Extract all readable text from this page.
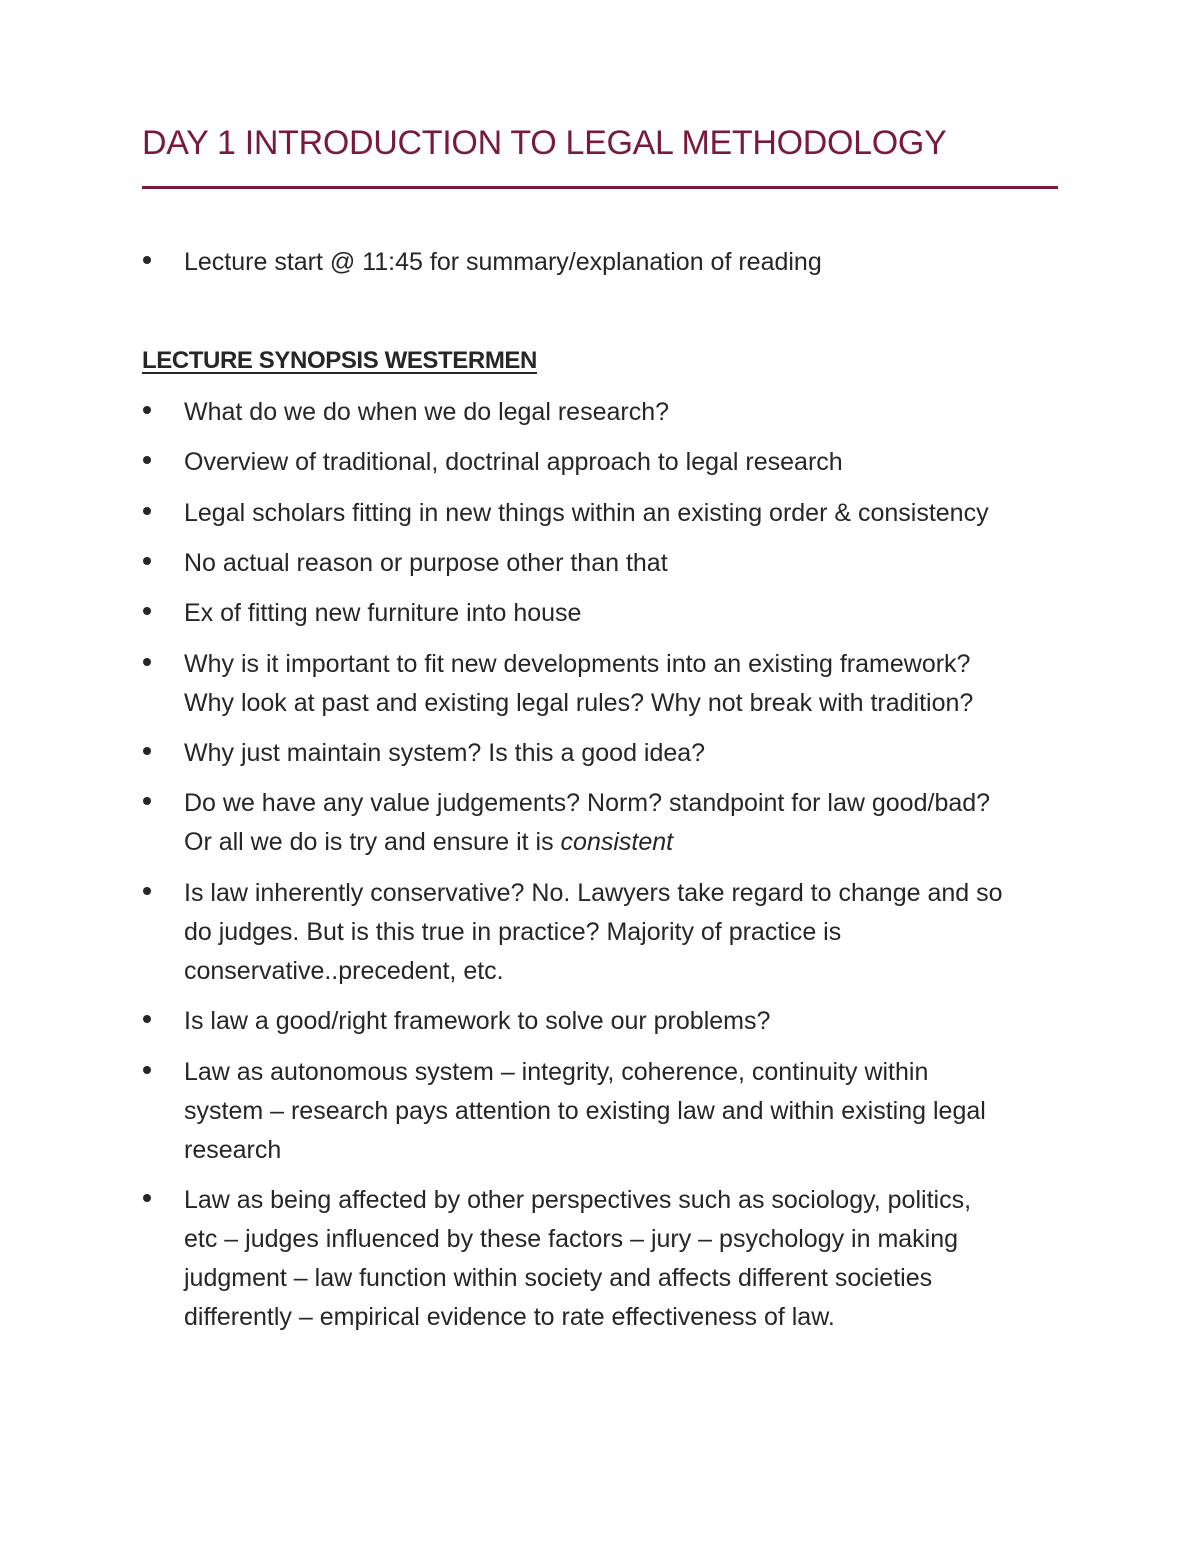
DAY 1 INTRODUCTION TO LEGAL METHODOLOGY
Lecture start @ 11:45 for summary/explanation of reading
LECTURE SYNOPSIS WESTERMEN
What do we do when we do legal research?
Overview of traditional, doctrinal approach to legal research
Legal scholars fitting in new things within an existing order & consistency
No actual reason or purpose other than that
Ex of fitting new furniture into house
Why is it important to fit new developments into an existing framework?
Why look at past and existing legal rules? Why not break with tradition?
Why just maintain system? Is this a good idea?
Do we have any value judgements? Norm? standpoint for law good/bad?
Or all we do is try and ensure it is consistent
Is law inherently conservative? No. Lawyers take regard to change and so
do judges. But is this true in practice? Majority of practice is
conservative..precedent, etc.
Is law a good/right framework to solve our problems?
Law as autonomous system – integrity, coherence, continuity within
system – research pays attention to existing law and within existing legal
research
Law as being affected by other perspectives such as sociology, politics,
etc – judges influenced by these factors – jury – psychology in making
judgment – law function within society and affects different societies
differently – empirical evidence to rate effectiveness of law.
